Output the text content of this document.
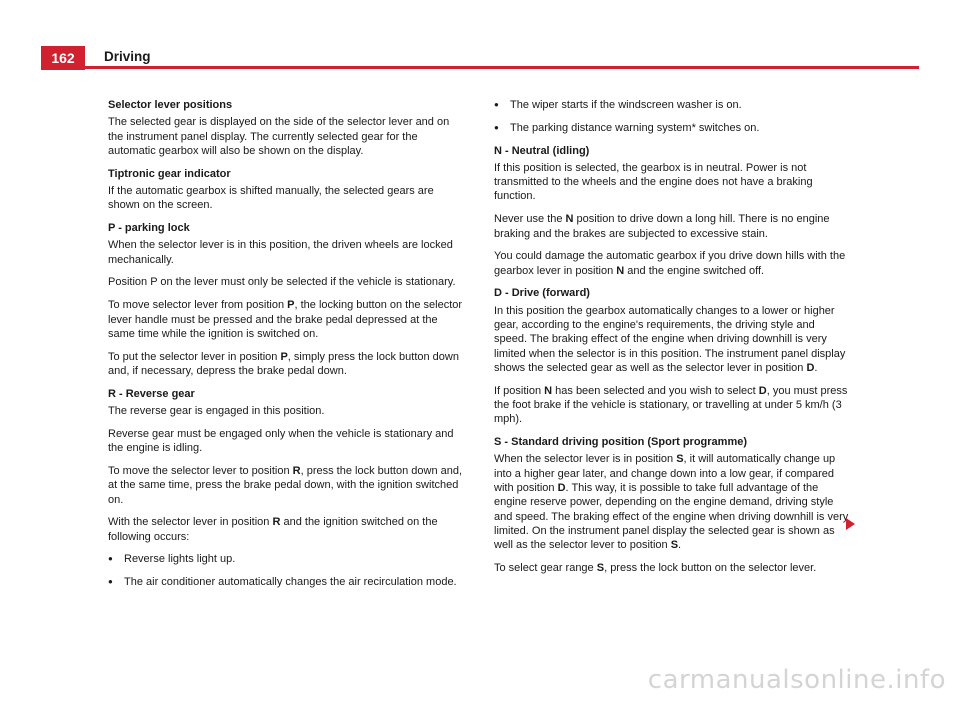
162	Driving
Selector lever positions

The selected gear is displayed on the side of the selector lever and on the instrument panel display. The currently selected gear for the automatic gearbox will also be shown on the display.

Tiptronic gear indicator

If the automatic gearbox is shifted manually, the selected gears are shown on the screen.

P - parking lock

When the selector lever is in this position, the driven wheels are locked mechanically.

Position P on the lever must only be selected if the vehicle is stationary.

To move selector lever from position P, the locking button on the selector lever handle must be pressed and the brake pedal depressed at the same time while the ignition is switched on.

To put the selector lever in position P, simply press the lock button down and, if necessary, depress the brake pedal down.

R - Reverse gear

The reverse gear is engaged in this position.

Reverse gear must be engaged only when the vehicle is stationary and the engine is idling.

To move the selector lever to position R, press the lock button down and, at the same time, press the brake pedal down, with the ignition switched on.

With the selector lever in position R and the ignition switched on the following occurs:

● Reverse lights light up.
● The air conditioner automatically changes the air recirculation mode.
● The wiper starts if the windscreen washer is on.
● The parking distance warning system* switches on.
N - Neutral (idling)

If this position is selected, the gearbox is in neutral. Power is not transmitted to the wheels and the engine does not have a braking function.

Never use the N position to drive down a long hill. There is no engine braking and the brakes are subjected to excessive stain.

You could damage the automatic gearbox if you drive down hills with the gearbox lever in position N and the engine switched off.

D - Drive (forward)

In this position the gearbox automatically changes to a lower or higher gear, according to the engine's requirements, the driving style and speed. The braking effect of the engine when driving downhill is very limited when the selector is in this position. The instrument panel display shows the selected gear as well as the selector lever in position D.

If position N has been selected and you wish to select D, you must press the foot brake if the vehicle is stationary, or travelling at under 5 km/h (3 mph).

S - Standard driving position (Sport programme)

When the selector lever is in position S, it will automatically change up into a higher gear later, and change down into a low gear, if compared with position D. This way, it is possible to take full advantage of the engine reserve power, depending on the engine demand, driving style and speed. The braking effect of the engine when driving downhill is very limited. On the instrument panel display the selected gear is shown as well as the selector lever to position S.

To select gear range S, press the lock button on the selector lever.

carmanualsonline.info
